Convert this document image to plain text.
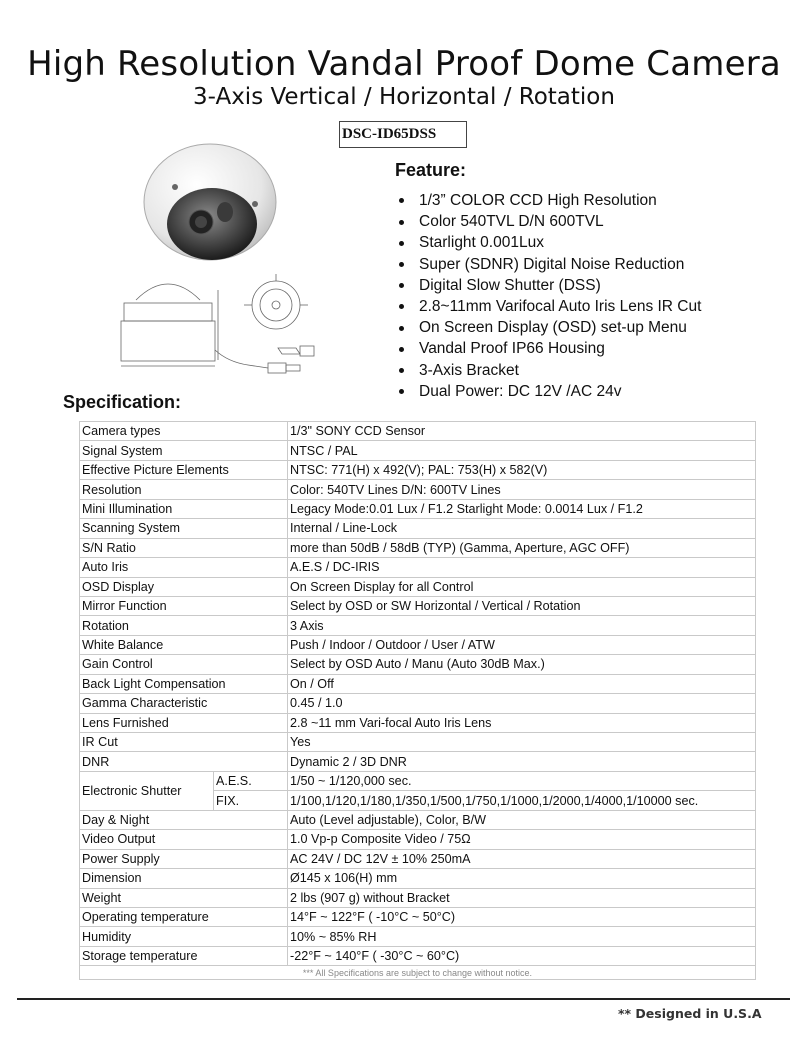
High Resolution Vandal Proof Dome Camera
3-Axis Vertical / Horizontal / Rotation
DSC-ID65DSS
Feature:
1/3” COLOR CCD High Resolution
Color 540TVL D/N 600TVL
Starlight 0.001Lux
Super (SDNR) Digital Noise Reduction
Digital Slow Shutter (DSS)
2.8~11mm Varifocal Auto Iris Lens IR Cut
On Screen Display (OSD) set-up Menu
Vandal Proof IP66 Housing
3-Axis Bracket
Dual Power: DC 12V /AC 24v
Specification:
Camera types		1/3" SONY CCD Sensor
Signal System		NTSC / PAL
Effective Picture Elements		NTSC: 771(H) x 492(V); PAL: 753(H) x 582(V)
Resolution		Color: 540TV Lines D/N: 600TV Lines
Mini Illumination		Legacy Mode:0.01 Lux / F1.2 Starlight Mode: 0.0014 Lux / F1.2
Scanning System		Internal / Line-Lock
S/N Ratio		more than 50dB / 58dB (TYP) (Gamma, Aperture, AGC OFF)
Auto Iris		A.E.S / DC-IRIS
OSD Display		On Screen Display for all Control
Mirror Function		Select by OSD or SW Horizontal / Vertical / Rotation
Rotation		3 Axis
White Balance		Push / Indoor / Outdoor / User / ATW
Gain Control		Select by OSD Auto / Manu (Auto 30dB Max.)
Back Light Compensation		On / Off
Gamma Characteristic		0.45 / 1.0
Lens Furnished		2.8 ~11 mm Vari-focal Auto Iris Lens
IR Cut		Yes
DNR		Dynamic 2 / 3D DNR
Electronic Shutter	A.E.S.	1/50 ~ 1/120,000 sec.
	FIX.	1/100,1/120,1/180,1/350,1/500,1/750,1/1000,1/2000,1/4000,1/10000 sec.
Day & Night		Auto (Level adjustable), Color, B/W
Video Output		1.0 Vp-p Composite Video / 75Ω
Power Supply		AC 24V / DC 12V ± 10% 250mA
Dimension		Ø145 x 106(H) mm
Weight		2 lbs (907 g) without Bracket
Operating temperature		14°F ~ 122°F ( -10°C ~ 50°C)
Humidity		10% ~ 85% RH
Storage temperature		-22°F ~ 140°F ( -30°C ~ 60°C)
*** All Specifications are subject to change without notice.		
** Designed in U.S.A
